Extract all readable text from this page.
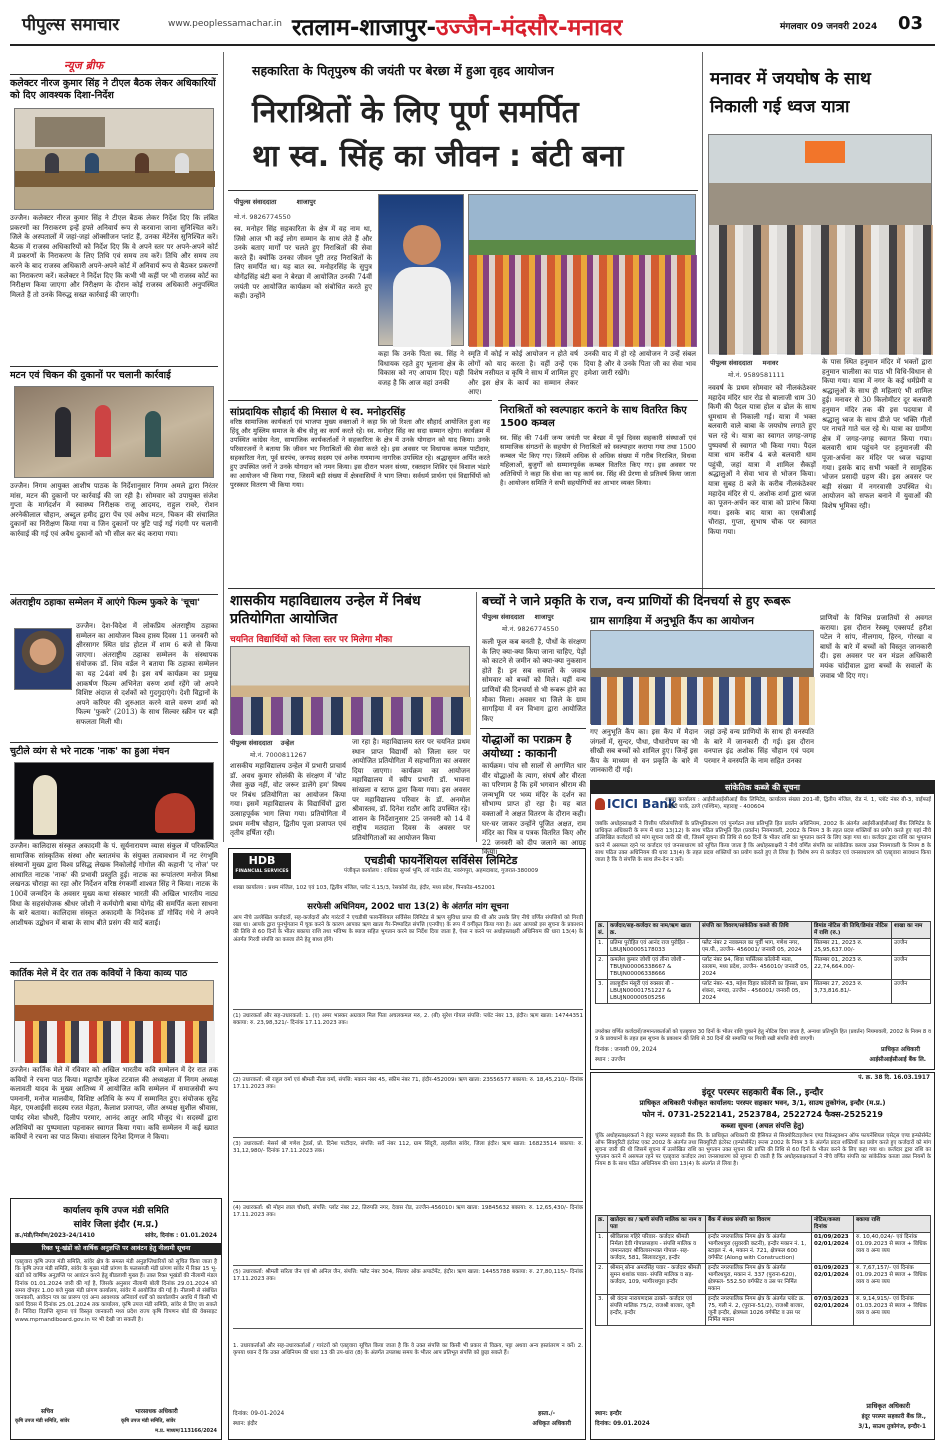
पीपुल्स समाचार	www.peoplessamachar.in रतलाम-शाजापुर-उज्जैन-मंदसौर-मनावर	मंगलवार 09 जनवरी 2024 03
न्यूज ब्रीफ
कलेक्टर नीरज कुमार सिंह ने टीएल बैठक लेकर अधिकारियों को दिए आवश्यक दिशा-निर्देश
उज्जैन। कलेक्टर नीरज कुमार सिंह ने टीएल बैठक लेकर निर्देश दिए कि लंबित प्रकरणों का निराकरण इन्हें हफ्ते अनिवार्य रूप से करवाना जाना सुनिश्चित करें। जिले के अस्पतालों में जहां-जहां ऑक्सीजन प्लांट हैं, उनका मेंटेनेंस सुनिश्चित करें। बैठक में राजस्व अधिकारियों को निर्देश दिए कि वे अपने स्तर पर अपने-अपने कोर्ट में प्रकरणों के निराकरण के लिए तिथि एवं समय तय करें। तिथि और समय तय करने के बाद राजस्व अधिकारी अपने-अपने कोर्ट में अनिवार्य रूप से बैठकर प्रकरणों का निराकरण करें। कलेक्टर ने निर्देश दिए कि कभी भी कहीं पर भी राजस्व कोर्ट का निरीक्षण किया जाएगा और निरीक्षण के दौरान कोई राजस्व अधिकारी अनुपस्थित मिलते हैं तो उनके विरुद्ध सख्त कार्रवाई की जाएगी।
मटन एवं चिकन की दुकानों पर चलानी कार्रवाई
उज्जैन। निगम आयुक्त आशीष पाठक के निर्देशानुसार निगम अमले द्वारा निरंतर मांस, मटन की दुकानों पर कार्रवाई की जा रही है। सोमवार को उपायुक्त संजेश गुप्ता के मार्गदर्शन में स्वास्थ्य निरीक्षक राजू आदमद, राहुल रावरे, रोशन अरनेकीलाल चौहान, अब्दुल हमीद द्वारा पेंच एवं अवैध मटन, चिकन की संचालित दुकानों का निरीक्षण किया गया व जिन दुकानों पर त्रुटि पाई गई गंदगी पर चलानी कार्रवाई की गई एवं अवैध दुकानों को भी सील कर बंद कराया गया।
अंतराष्ट्रीय ठहाका सम्मेलन में आएंगे फिल्म फुकरे के 'चूचा'
उज्जैन। देश-विदेश में लोकप्रिय अंतराष्ट्रीय ठहाका सम्मेलन का आयोजन विश्व हास्य दिवस 11 जनवरी को क्षीरसागर स्थित ग्रांड होटल में शाम 6 बजे से किया जाएगा। अंतराष्ट्रीय ठहाका सम्मेलन के संस्थापक संयोजक डॉ. शिव वर्डल ने बताया कि ठहाका सम्मेलन का यह 24वां वर्ष है। इस वर्ष कार्यक्रम का प्रमुख आकर्षण फिल्म अभिनेता वरुण शर्मा रहेंगे जो अपने विशिष्ट अंदाज से दर्शकों को गुदगुदाएंगे। देशी विद्वानों के अपने करियर की शुरुआत करने वाले वरुण शर्मा को फिल्म 'फुकरे' (2013) के साथ सिल्वर स्क्रीन पर बड़ी सफलता मिली थी।
चुटीले व्यंग से भरे नाटक 'नाक' का हुआ मंचन
उज्जैन। कालिदास संस्कृत अकादमी के पं. सूर्यनारायण व्यास संकुल में परिकल्पित सामाजिक सांस्कृतिक संस्था और ब्लातमंच के संयुक्त तत्वावधान में नट रंगभूमि संस्थानों मुख्य द्वारा विश्व प्रसिद्ध लेखक निकोलोई गोगोल की कहानी 'द नोज' पर आधारित नाटक 'नाक' की प्रभावी प्रस्तुति हुई। नाटक का रूपांतरण मनोज मिश्रा लखनऊ चौराहा का रहा और निर्देशन वरिष्ठ रंगकर्मी शाश्वत सिंह ने किया। नाटक के 100वें जन्मदिन के अवसर मुख्य कथा संस्कार भारती की अखिल भारतीय नाट्य विधा के सहसंयोजक श्रीधर जोशी ने कर्मयोगी बाबा योगेंद्र की समर्पित कला साधना के बारे बताया। कालिदास संस्कृत अकादमी के निदेशक डॉ गोविंद गंधे ने अपने आशीषक उद्बोधन में बाबा के साथ बीते प्रसंग की यादें बताईं।
सहकारिता के पितृपुरुष की जयंती पर बेरछा में हुआ वृहद आयोजन
निराश्रितों के लिए पूर्ण समर्पित
था स्व. सिंह का जीवन : बंटी बना
पीपुल्स संवाददाता	शाजापुर
मो.नं. 9826774550
स्व. मनोहर सिंह सहकारिता के क्षेत्र में वह नाम था, जिसे आज भी कई लोग सम्मान के साथ लेते हैं और उनके बताए मार्गों पर चलते हुए निराश्रितों की सेवा करते हैं। क्योंकि उनका जीवन पूरी तरह निराश्रितों के लिए समर्पित था। यह बात स्व. मनोहरसिंह के सुपुत्र योगेंद्रसिंह बंटी बना ने बेरछा में आयोजित उनकी 74वीं जयंती पर आयोजित कार्यक्रम को संबोधित करते हुए कही। उन्होंने
कहा कि उनके पिता स्व. सिंह ने विधायक रहते हुए भूलाना क्षेत्र के विकास को नए आयाम दिए। यही वजह है कि आज वहां उनकी
स्मृति में कोई न कोई आयोजन न होते वर्ष लोगों को याद करता है। वहीं उन्हें एक विशेष नसीयत व कृषि ने साथ में शामिल हुए और इस क्षेत्र के कार्य का सम्मान लेकर आए।
उनकी याद में हो रहे आयोजन ने उन्हें संबल दिया है और वे उनके पिता जी का सेवा भाव हमेशा जारी रखेंगे।
सांप्रदायिक सौहार्द की मिसाल थे स्व. मनोहरसिंह
वरिष्ठ सामाजिक कार्यकर्ता एवं भाजपा मुख्य वक्ताओं ने कहा कि जो रिश्ता और सौहार्द आयोजित हुआ वह हिंदू और मुस्लिम समाज के बीच सेतु का कार्य करते रहे। स्व. मनोहर सिंह का सदा सम्मान रहेगा। कार्यक्रम में उपस्थित कांग्रेस नेता, सामाजिक कार्यकर्ताओं ने सहकारिता के क्षेत्र में उनके योगदान को याद किया। उनके परिवारजनों ने बताया कि जीवन भर निराश्रितों की सेवा करते रहे। इस अवसर पर विधायक कमल पाटीदार, सहकारिता नेता, पूर्व सरपंच, जनपद सदस्य एवं अनेक गणमान्य नागरिक उपस्थित रहे। श्रद्धासुमन अर्पित करते हुए उपस्थित जनों ने उनके योगदान को नमन किया। इस दौरान भजन संध्या, रक्तदान शिविर एवं विशाल भंडारे का आयोजन भी किया गया, जिसमें बड़ी संख्या में क्षेत्रवासियों ने भाग लिया। सर्वधर्म प्रार्थना एवं विद्यार्थियों को पुरस्कार वितरण भी किया गया।
निराश्रितों को स्वल्पाहार कराने के साथ वितरित किए 1500 कम्बल
स्व. सिंह की 74वीं जन्म जयंती पर बेरछा में पूर्व दिवस सहकारी संस्थाओं एवं सामाजिक संगठनों के सहयोग से निराश्रितों को स्वल्पाहार कराया गया तथा 1500 कम्बल भेंट किए गए। जिसमें अधिक से अधिक संख्या में गरीब निराश्रित, विधवा महिलाओं, बुजुर्गों को सम्मानपूर्वक कम्बल वितरित किए गए। इस अवसर पर अतिथियों ने कहा कि सेवा का यह कार्य स्व. सिंह की प्रेरणा से प्रतिवर्ष किया जाता है। आयोजन समिति ने सभी सहयोगियों का आभार व्यक्त किया।
मनावर में जयघोष के साथ
निकाली गई ध्वज यात्रा
पीपुल्स संवाददाता मनावर
मो.नं. 9589581111
नववर्ष के प्रथम सोमवार को नीलकंठेश्वर महादेव मंदिर धार रोड से बालाजी धाम 30 किमी की पैदल यात्रा होल व ढोल के साथ धूमधाम से निकाली गई। यात्रा में भक्त बलवारी वाले बाबा के जयघोष लगाते हुए चल रहे थे। यात्रा का स्वागत जगह-जगह पुष्पवर्षा से स्वागत भी किया गया। पैदल यात्रा धाम करीब 4 बजे बलवारी धाम पहुंची, जहां यात्रा में शामिल सैकड़ों श्रद्धालुओं ने सेवा भाव से भोजन किया। यात्रा सुबह 8 बजे के करीब नीलकंठेश्वर महादेव मंदिर से पं. अशोक शर्मा द्वारा ध्वज का पूजन-अर्चन कर यात्रा को प्रारंभ किया गया। इसके बाद यात्रा का एसबीआई चौराहा, गुप्ता, सुभाष चौक पर स्वागत किया गया।
के पास स्थित हनुमान मंदिर में भक्तों द्वारा हनुमान चालीसा का पाठ भी विधि-विधान से किया गया। यात्रा में नगर के कई धर्मप्रेमी व श्रद्धालुओं के साथ ही महिलाएं भी शामिल हुई। मनावर से 30 किलोमीटर दूर बलवारी हनुमान मंदिर तक की इस पदयात्रा में श्रद्धालु ध्वज के साथ डीजे पर भक्ति गीतों पर नाचते गाते चल रहे थे। यात्रा का ग्रामीण क्षेत्र में जगह-जगह स्वागत किया गया। बलवारी धाम पहुंचने पर हनुमानजी की पूजा-अर्चना कर मंदिर पर ध्वज चढ़ाया गया। इसके बाद सभी भक्तों ने सामूहिक भोजन प्रसादी ग्रहण की। इस अवसर पर बड़ी संख्या में नगरवासी उपस्थित थे। आयोजन को सफल बनाने में युवाओं की विशेष भूमिका रही।
शासकीय महाविद्यालय उन्हेल में निबंध प्रतियोगिता आयोजित
चयनित विद्यार्थियों को जिला स्तर पर मिलेगा मौका
पीपुल्स संवाददाता उन्हेल
मो.नं. 7000811267
शासकीय महाविद्यालय उन्हेल में प्रभारी प्राचार्य डॉ. अवध कुमार सोलंकी के संरक्षण में 'वोट जैसा कुछ नहीं, वोट जरूर डालेंगे हम' विषय पर निबंध प्रतियोगिता का आयोजन किया गया। इसमें महाविद्यालय के विद्यार्थियों द्वारा उत्साहपूर्वक भाग लिया गया। प्रतियोगिता में प्रथम मनीष चौहान, द्वितीय पूजा प्रजापत एवं तृतीय हर्षिता रही।
जा रहा है। महाविद्यालय स्तर पर चयनित प्रथम स्थान प्राप्त विद्यार्थी को जिला स्तर पर आयोजित प्रतियोगिता में सहभागिता का अवसर दिया जाएगा। कार्यक्रम का आयोजन महाविद्यालय में स्वीप प्रभारी डॉ. भावना सांखला व स्टाफ द्वारा किया गया। इस अवसर पर महाविद्यालय परिवार के डॉ. अनमोल श्रीवास्तव, डॉ. दिनेश राठौर आदि उपस्थित रहे। शासन के निर्देशानुसार 25 जनवरी को 14 वें राष्ट्रीय मतदाता दिवस के अवसर पर प्रतियोगिताओं का आयोजन किया
बच्चों ने जाने प्रकृति के राज, वन्य प्राणियों की दिनचर्या से हुए रूबरू
पीपुल्स संवाददाता शाजापुर
मो.नं. 9826774550
कली फूल कब बनती है, पौधों के संरक्षण के लिए क्या-क्या किया जाना चाहिए, पेड़ों को काटने से जमीन को क्या-क्या नुकसान होते हैं। इन सब सवालों के जवाब सोमवार को बच्चों को मिले। यहीं वन्य प्राणियों की दिनचर्या से भी रूबरू होने का मौका मिला। अवसर था जिले के ग्राम सागड़िया में वन विभाग द्वारा आयोजित किए
ग्राम सागड़िया में अनुभूति कैंप का आयोजन
गए अनुभूति कैंप का। इस कैंप में मैदान जंगलों में, सुन्दर, पौधा, पौधारोपण का भी सीखी सब बच्चों को शामिल हुए। जिन्हें इस कैंप के माध्यम से वन प्रकृति के बारे में जानकारी दी गई।
जहां उन्हें वन्य प्राणियों के साथ ही वनस्पति के बारे में जानकारी दी गई। इस दौरान वनपाल इंद्र अशोक सिंह चौहान एवं पदम परमार ने वनस्पति के नाम सहित उनका
प्राणियों के विभिन्न प्रजातियों से अवगत कराया। इस दौरान रेस्क्यू एक्सपर्ट हरीश पटेल ने सांप, नीलगाय, हिरन, गोरखा व बाघों के बारे में बच्चों को विस्तृत जानकारी दी। इस अवसर पर वन मंडल अधिकारी मयंक चांदीवाल द्वारा बच्चों के सवालों के जवाब भी दिए गए।
योद्धाओं का पराक्रम है
अयोध्या : काकानी
कार्यक्रम। पांच सौ सालों से अगणित धार वीर योद्धाओं के त्याग, संघर्ष और वीरता का परिणाम है कि हमें भगवान श्रीराम की जन्मभूमि पर भव्य मंदिर के दर्शन का सौभाग्य प्राप्त हो रहा है। यह बात वक्ताओं ने अक्षत वितरण के दौरान कही। घर-घर जाकर उन्होंने पूजित अक्षत, राम मंदिर का चित्र व पत्रक वितरित किए और 22 जनवरी को दीप जलाने का आग्रह किया।
सांकेतिक कब्जे की सूचना
ICICI Bank
शाखा कार्यालय : आईसीआईसीआई बैंक लिमिटेड, कार्यालय संख्या 201-बी, द्वितीय मंजिल, रोड नं. 1, प्लॉट नंबर बी-3, वाईफाई आईटी पार्क, ठाणे (पश्चिम), महाराष्ट्र - 400604
जबकि अधोहस्ताक्षरी ने वित्तीय परिसंपत्तियों के प्रतिभूतिकरण एवं पुनर्गठन तथा प्रतिभूति हित प्रवर्तन अधिनियम, 2002 के अंतर्गत आईसीआईसीआई बैंक लिमिटेड के प्राधिकृत अधिकारी के रूप में धारा 13(12) के साथ पठित प्रतिभूति हित (प्रवर्तन) नियमावली, 2002 के नियम 3 के तहत प्रदत्त शक्तियों का प्रयोग करते हुए यहां नीचे उल्लिखित कर्जदारों को मांग सूचना जारी की थी, जिसमें सूचना की तिथि से 60 दिनों के भीतर राशि का भुगतान करने के लिए कहा गया था। कर्जदार द्वारा राशि का भुगतान करने में असफल रहने पर कर्जदार एवं जनसाधारण को सूचित किया जाता है कि अधोहस्ताक्षरी ने नीचे वर्णित संपत्ति का सांकेतिक कब्जा उक्त नियमावली के नियम 8 के साथ पठित उक्त अधिनियम की धारा 13(4) के तहत प्रदत्त शक्तियों का प्रयोग करते हुए ले लिया है। विशेष रूप से कर्जदार एवं जनसाधारण को एतद्द्वारा सावधान किया जाता है कि वे संपत्ति के साथ लेन-देन न करें।
क्र. सं.	कर्जदार/सह-कर्जदार का नाम/ऋण खाता क्र.	संपत्ति का विवरण/सांकेतिक कब्जे की तिथि	डिमांड नोटिस की तिथि/डिमांड नोटिस में राशि (रु.)	शाखा का नाम
1.	प्रतिमा पुरोहित एवं आनंद राज पुरोहित - LBUJN00005178033	फ्लैट नंबर 2 नवकमल का पूर्वी भाग, गणेश नगर, एम.पी., उज्जैन- 456001/ जनवरी 05, 2024	सितम्बर 21, 2023 रु. 25,95,637.00/-	उज्जैन
2.	कमलेश कुमार जोशी एवं तीना जोशी - TBUJN00006338667 & TBUJN00006338666	प्लॉट नंबर 94, शिवा पार्सिलस कॉलोनी माता, रतलाम, मध्य प्रदेश, उज्जैन- 456010/ जनवरी 05, 2024	सितम्बर 01, 2023 रु. 22,74,664.00/-	उज्जैन
3.	लाल्हुदीन मंसूरी एवं रुक्सार बी - LBUJN00001751227 & LBUJN00000505256	प्लॉट नंबर- 43, महेश विहार कॉलोनी का हिस्सा, ग्राम शंकरा, नागदा, उज्जैन - 456001/ जनवरी 05, 2024	सितम्बर 27, 2023 रु. 3,73,816.81/-	उज्जैन
उपरोक्त वर्णित कर्जदारों/जमानतकर्ताओं को एतद्द्वारा 30 दिनों के भीतर राशि चुकाने हेतु नोटिस दिया जाता है, अन्यथा प्रतिभूति हित (प्रवर्तन) नियमावली, 2002 के नियम 8 व 9 के प्रावधानों के तहत इस सूचना के प्रकाशन की तिथि से 30 दिनों की समाप्ति पर गिरवी रखी संपत्ति बेची जाएगी।
दिनांक : जनवरी 09, 2024
स्थान : उज्जैन
प्राधिकृत अधिकारी
आईसीआईसीआई बैंक लि.
HDB
FINANCIAL SERVICES
एचडीबी फायनेंशियल सर्विसेस लिमिटेड
पंजीकृत कार्यालय : राधिका सुपर्स भूमि, लॉ गार्डन रोड, नवरंगपुरा, अहमदाबाद, गुजरात-380009
शाखा कार्यालय : प्रथम मंजिल, 102 एवं 103, द्वितीय मंजिल, प्लॉट नं.15/3, रेसकोर्स रोड, इंदौर, मध्य प्रदेश, पिनकोड-452001
सरफेसी अधिनियम, 2002 धारा 13(2) के अंतर्गत मांग सूचना
आप नीचे उल्लेखित कर्जदारों, सह-कर्जदारों और गारंटरों ने एचडीबी फायनेंशियल सर्विसेस लिमिटेड से ऋण सुविधा प्राप्त की थी और उसके लिए नीचे वर्णित संपत्तियों को गिरवी रखा था। आपके द्वारा पुनर्भुगतान में चूक करने के कारण आपका ऋण खाता गैर-निष्पादित संपत्ति (एनपीए) के रूप में वर्गीकृत किया गया है। अतः आपको इस सूचना के प्रकाशन की तिथि से 60 दिनों के भीतर बकाया राशि तथा भविष्य के ब्याज सहित भुगतान करने का निर्देश दिया जाता है, ऐसा न करने पर अधोहस्ताक्षरी अधिनियम की धारा 13(4) के अंतर्गत गिरवी संपत्ति का कब्जा लेने हेतु बाध्य होंगे।
(1) उधारकर्ता और सह-उधारकर्ता: 1. (ए) अमर भास्कर अग्रवाल मिल पिता अचलकमल मरु, 2. (बी) सुरेश गोयल संपत्ति: प्लॉट नंबर 13, इंदौर। ऋण खाता: 14744351 बकाया: रु. 23,98,321/- दिनांक 17.11.2023 तक।
(2) उधारकर्ता: श्री राहुल वर्मा एवं श्रीमती नीता वर्मा, संपत्ति: मकान नंबर 45, स्कीम नंबर 71, इंदौर-452009। ऋण खाता: 23556577 बकाया: रु. 18,45,210/- दिनांक 17.11.2023 तक।
(3) उधारकर्ता: मेसर्स श्री गणेश ट्रेडर्स, प्रो. दिनेश पाटीदार, संपत्ति: सर्वे नंबर 112, ग्राम सिंदूरी, तहसील सांवेर, जिला इंदौर। ऋण खाता: 16823514 बकाया: रु. 31,12,980/- दिनांक 17.11.2023 तक।
(4) उधारकर्ता: श्री मोहन लाल चौधरी, संपत्ति: प्लॉट नंबर 22, तिरुपति नगर, देवास रोड, उज्जैन-456010। ऋण खाता: 19845632 बकाया: रु. 12,65,430/- दिनांक 17.11.2023 तक।
(5) उधारकर्ता: श्रीमती सरिता जैन एवं श्री अनिल जैन, संपत्ति: फ्लैट नंबर 304, सिल्वर ओक अपार्टमेंट, इंदौर। ऋण खाता: 14455788 बकाया: रु. 27,80,115/- दिनांक 17.11.2023 तक।
1. उधारकर्ताओं और सह-उधारकर्ताओं / गारंटरों को एतद्द्वारा सूचित किया जाता है कि वे उक्त संपत्ति का किसी भी प्रकार से विक्रय, पट्टा अथवा अन्य हस्तांतरण न करें। 2. कृपया ध्यान दें कि उक्त अधिनियम की धारा 13 की उप-धारा (8) के अंतर्गत उपलब्ध समय के भीतर आप प्रतिभूत संपत्ति को छुड़ा सकते हैं।
दिनांक: 09-01-2024
स्थान: इंदौर
हस्ता./-
अधिकृत अधिकारी
कार्तिक मेले में देर रात तक कवियों ने किया काव्य पाठ
उज्जैन। कार्तिक मेले में रविवार को अखिल भारतीय कवि सम्मेलन में देर रात तक कवियों ने रचना पाठ किया। महापौर मुकेश टटवाल की अध्यक्षता में निगम अध्यक्ष कलावती यादव के मुख्य आतिथ्य में आयोजित कवि सम्मेलन में समाजसेवी रूप पमनानी, मनोज मालवीय, विशिष्ट अतिथि के रूप में सम्मानित हुए। संयोजक सुरेंद्र मेहर, एमआईसी सदस्य रजत मेहता, कैलाश प्रजापत, जीत अध्यक्ष सुशील श्रीवास, पार्षद रमेश चौधरी, दिलीप परमार, आनंद आतुर आदि मौजूद थे। सदस्यों द्वारा अतिथियों का पुष्पमाला पहनाकर स्वागत किया गया। कवि सम्मेलन में कई ख्यात कवियों ने रचना का पाठ किया। संचालन दिनेश दिग्गज ने किया।
कार्यालय कृषि उपज मंडी समिति
सांवेर जिला इंदौर (म.प्र.)
क्र./मंडी/निर्माण/2023-24/1410	सांवेर, दिनांक : 01.01.2024
रिक्त भू-खंडों को वार्षिक अनुज्ञप्ति पर आवंटन हेतु नीलामी सूचना
एतद्द्वारा कृषि उपज मंडी समिति, सांवेर क्षेत्र के समस्त मंडी अनुज्ञप्तिधारियों को सूचित किया जाता है कि कृषि उपज मंडी समिति, सांवेर के मुख्य मंडी प्रांगण के फलसब्जी मंडी प्रांगण सांवेर में रिक्त 15 भू-खंडों को वार्षिक अनुज्ञप्ति पर आवंटन करने हेतु बीडलायी मुख्य हैं। उक्त रिक्त भूखंडों की नीलामी मंडल दिनांक 01.01.2024 जारी की गई है, जिसके अनुसार नीलामी बोली दिनांक 29.01.2024 को समय दोपहर 1.00 बजे मुख्य मंडी प्रांगण कार्यालय, सांवेर में आयोजित की गई है। नीलामी से संबंधित जानकारी, आवेदन पत्र का प्रारूप एवं अन्य आवश्यक अनिवार्य शर्तों को कार्यालयीन अवधि में किसी भी कार्य दिवस में दिनांक 25.01.2024 तक कार्यालय, कृषि उपज मंडी समिति, सांवेर से लिए जा सकते हैं। निविदा विज्ञप्ति सूचना एवं विस्तृत जानकारी मध्य प्रदेश राज्य कृषि विपणन बोर्ड की वेबसाइट www.mpmandiboard.gov.in पर भी देखी जा सकती है।
सचिव
कृषि उपज मंडी समिति, सांवेर
भारसाधक अधिकारी
कृषि उपज मंडी समिति, सांवेर
म.प्र. माध्यम/113166/2024
पं. क्र. 38 दि. 16.03.1917
इंदूर परस्पर सहकारी बैंक लि., इन्दौर
प्राधिकृत अधिकारी पंजीकृत कार्यालय: परस्पर सहकार भवन, 3/1, साउथ तुकोगंज, इन्दौर (म.प्र.)
फोन नं. 0731-2522141, 2523784, 2522724 फैक्स-2525219
कब्जा सूचना (अचल संपत्ति हेतु)
चूंकि अधोहस्ताक्षरकर्ता ने इंदूर परस्पर सहकारी बैंक लि. के प्राधिकृत अधिकारी की हैसियत से सिक्योरिटाइजेशन एण्ड रिकंस्ट्रक्शन ऑफ फायनेंशियल एसेट्स एण्ड इन्फोर्समेंट ऑफ सिक्यूरिटी इंटरेस्ट एक्ट 2002 के अंतर्गत तथा सिक्यूरिटी इंटरेस्ट (इन्फोर्समेंट) रूल्स 2002 के नियम 3 के अंतर्गत प्रदत्त शक्तियों का प्रयोग करते हुए कर्जदारों को मांग सूचना जारी की थी जिसमें सूचना में उल्लेखित राशि का भुगतान उक्त सूचना की प्राप्ति की तिथि से 60 दिनों के भीतर करने के लिए कहा गया था। कर्जदार द्वारा राशि का भुगतान करने में असफल रहने पर एतद्द्वारा कर्जदार तथा जनसाधारण को सूचना दी जाती है कि अधोहस्ताक्षरकर्ता ने नीचे वर्णित संपत्ति का सांकेतिक कब्जा उक्त नियमों के नियम 8 के साथ पठित अधिनियम की धारा 13(4) के अंतर्गत ले लिया है।
क्र.	खातेदार का / ऋणी संपत्ति मालिक का नाम व पता	बैंक में बंधक संपत्ति का विवरण	नोटिस/कब्जा दिनांक	बकाया राशि
1.	श्रीविलास गहिरे परिवार- कर्जदार श्रीमती निर्मला देवी गोपालसहाय - संपत्ति मालिक व जमानतदार श्रीविलासभक्त गोपाल- सह-कर्जदार, 581, सिलावटपुरा, इन्दौर	इन्दौर नगरपालिक निगम क्षेत्र के अंतर्गत भागीरथपुरा (सुवरकी कटनी), इन्दौर मकान नं. 1, स्टाइल नं. 4, मकान नं. 721, क्षेत्रफल 600 वर्गफीट (Along with Construction)	01/09/2023 02/01/2024	रु. 10,40,024/- एवं दिनांक 01.09.2023 से ब्याज + विधिक व्यय व अन्य व्यय
2.	श्रीमान् सोना अमरसिंह पवार - कर्जदार श्रीमती सुमन शशांक पवार- संपत्ति मालिक व सह-कर्जदार, 109, भागीरथपुरा इन्दौर	इन्दौर नगरपालिक निगम क्षेत्र के अंतर्गत भागीरथपुरा, मकान नं. 337 (पुराना-620), क्षेत्रफल- 552.50 वर्गफीट व उस पर निर्मित मकान	01/09/2023 02/01/2024	रु. 7,67,157/- एवं दिनांक 01.09.2023 से ब्याज + विधिक व्यय व अन्य व्यय
3.	श्री वंदना नारायणदास ठाकरे- कर्जदार एवं संपत्ति मालिक 75/2, राजश्री बाजार, जूनी इन्दौर, इन्दौर	इन्दौर नगरपालिक निगम क्षेत्र के अंतर्गत प्लॉट क्र. 75, गली नं. 2, (पुराना-51/2), राजश्री बाजार, जूनी इन्दौर, क्षेत्रफल 1026 वर्गफीट व उस पर निर्मित मकान	07/03/2023 02/01/2024	रु. 9,14,915/- एवं दिनांक 01.03.2023 से ब्याज + विधिक व्यय व अन्य व्यय
स्थान: इन्दौर
दिनांक: 09.01.2024
प्राधिकृत अधिकारी
इंदूर परस्पर सहकारी बैंक लि.,
3/1, साउथ तुकोगंज, इन्दौर-1
